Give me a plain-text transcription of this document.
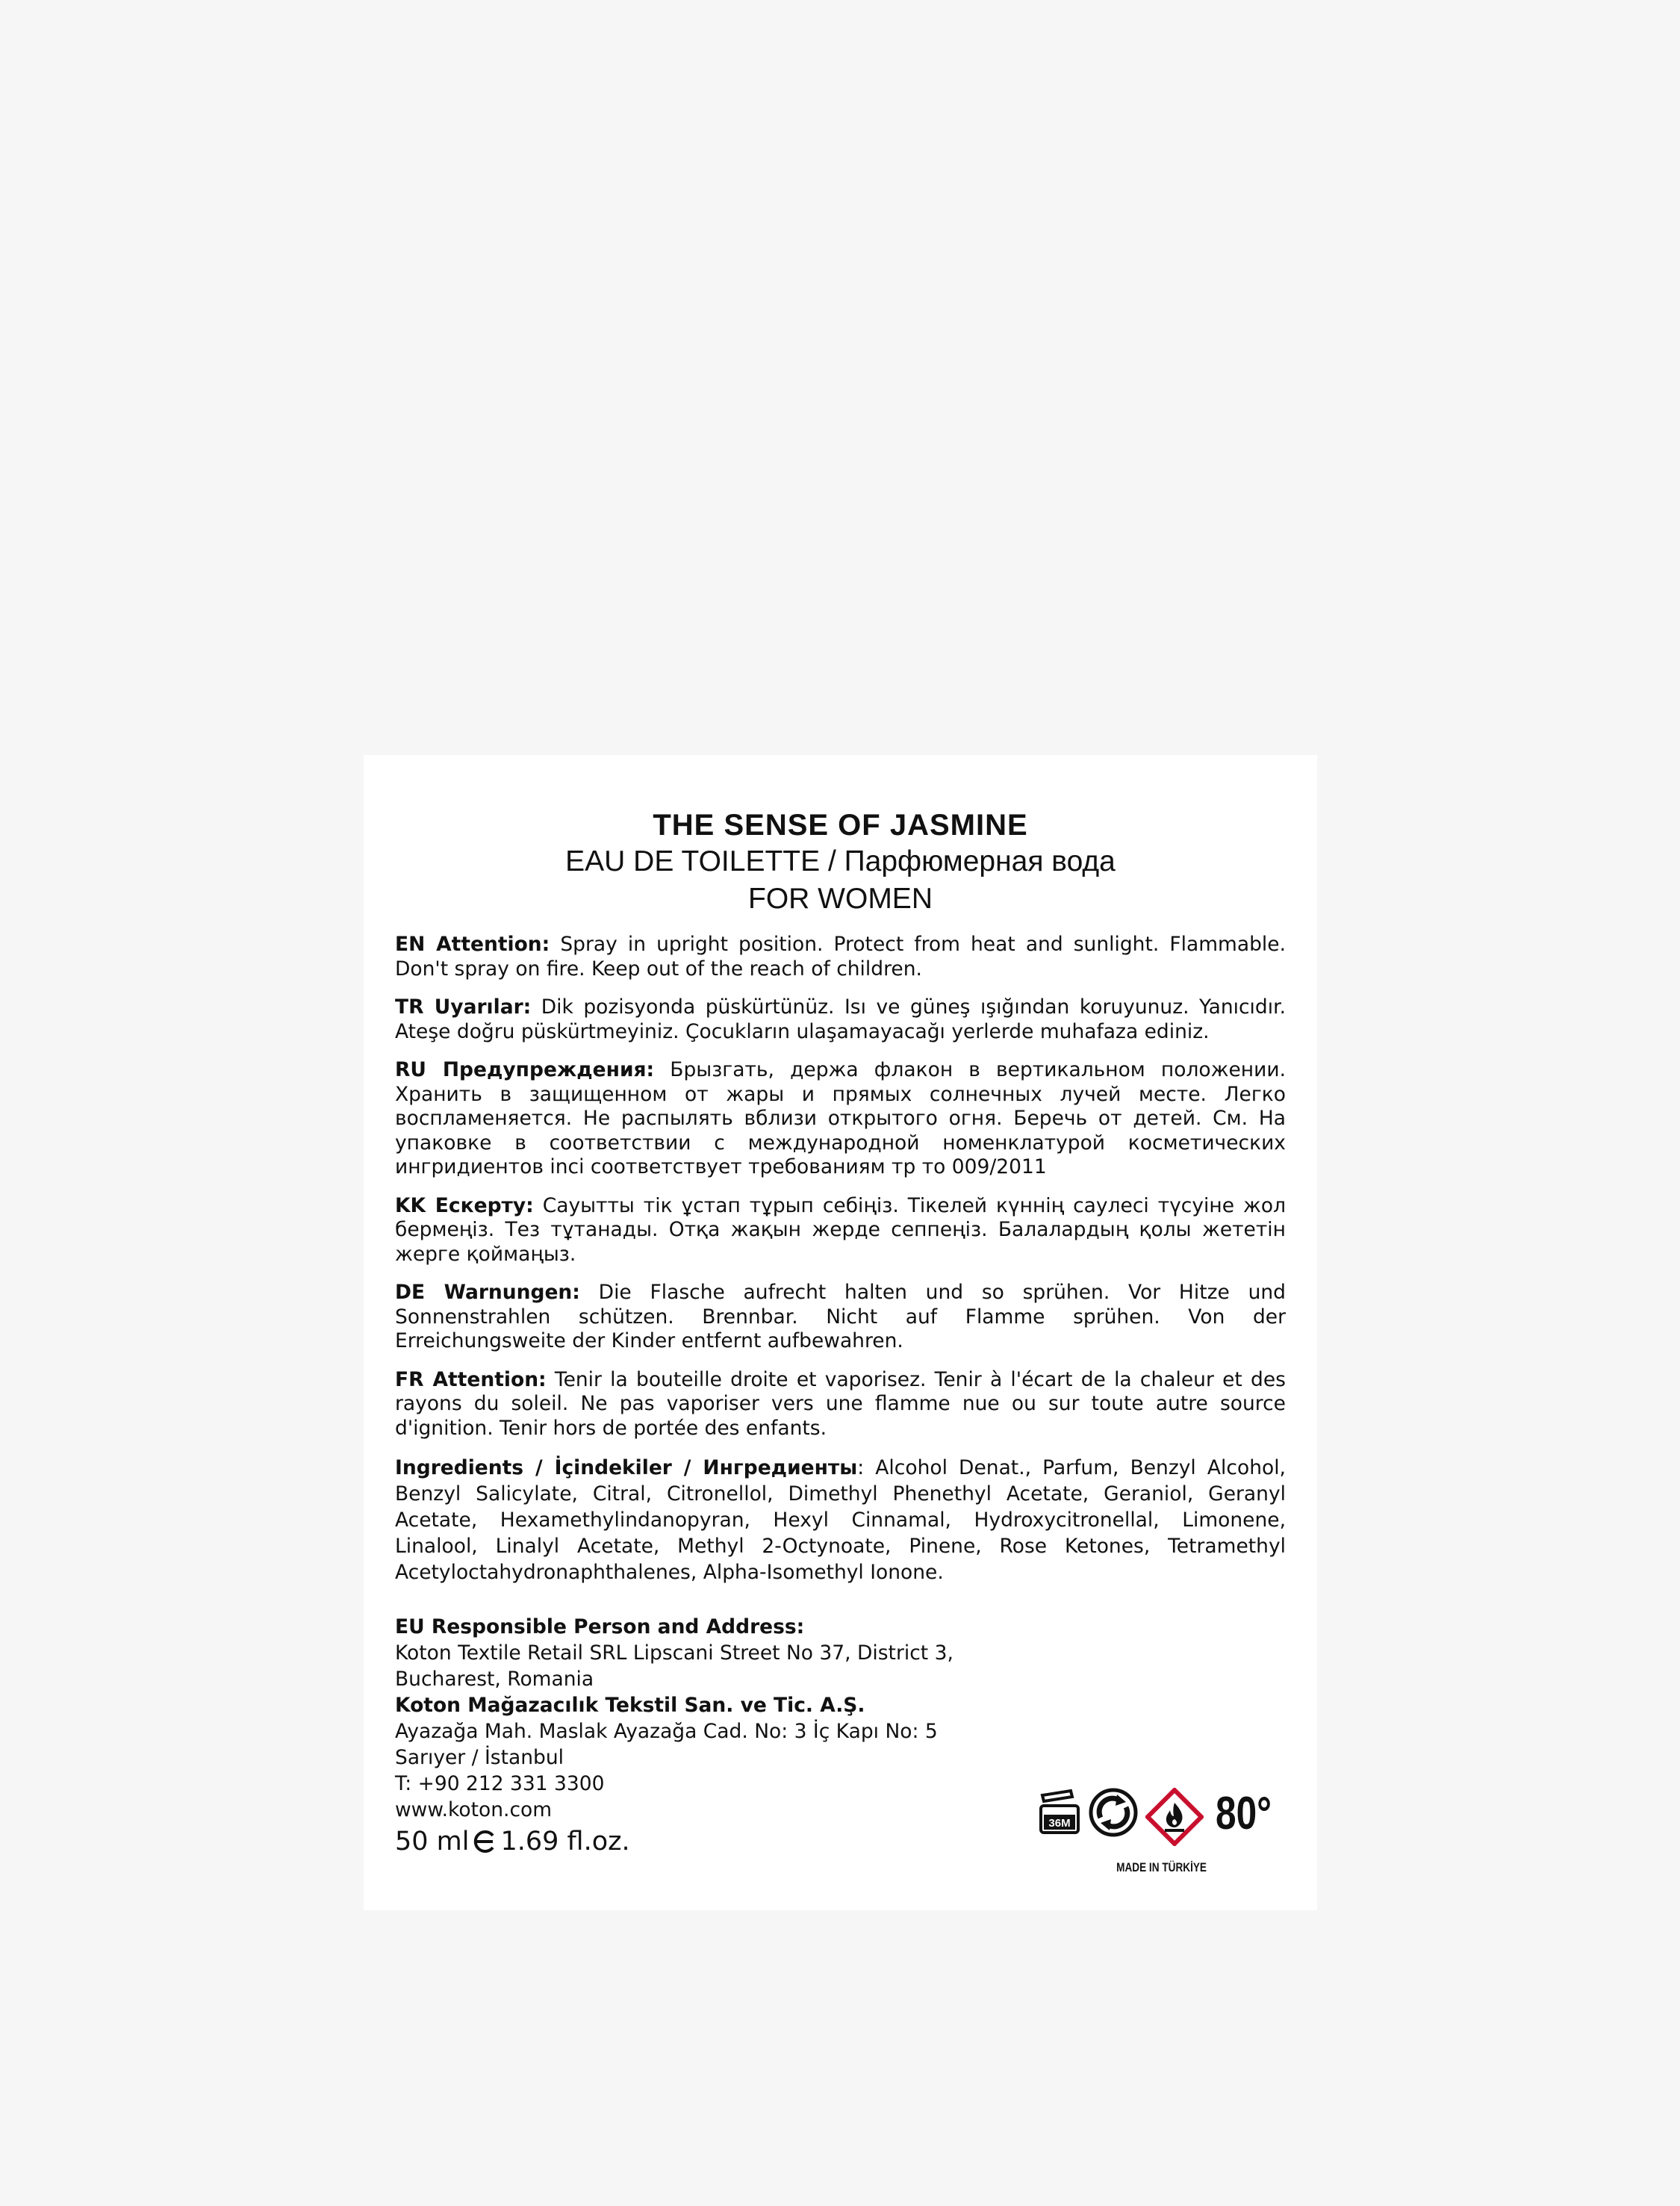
THE SENSE OF JASMINE
EAU DE TOILETTE / Парфюмерная вода
FOR WOMEN

EN Attention: Spray in upright position. Protect from heat and sunlight. Flammable. Don't spray on fire. Keep out of the reach of children.

TR Uyarılar: Dik pozisyonda püskürtünüz. Isı ve güneş ışığından koruyunuz. Yanıcıdır. Ateşe doğru püskürtmeyiniz. Çocukların ulaşamayacağı yerlerde muhafaza ediniz.

RU Предупреждения: Брызгать, держа флакон в вертикальном положении. Хранить в защищенном от жары и прямых солнечных лучей месте. Легко воспламеняется. Не распылять вблизи открытого огня. Беречь от детей. См. На упаковке в соответствии с международной номенклатурой косметических ингридиентов inci соответствует требованиям тр то 009/2011

KK Ескерту: Сауытты тік ұстап тұрып себіңіз. Тікелей күннің саулесі түсуіне жол бермеңіз. Тез тұтанады. Отқа жақын жерде сеппеңіз. Балалардың қолы жететін жерге қоймаңыз.

DE Warnungen: Die Flasche aufrecht halten und so sprühen. Vor Hitze und Sonnenstrahlen schützen. Brennbar. Nicht auf Flamme sprühen. Von der Erreichungsweite der Kinder entfernt aufbewahren.

FR Attention: Tenir la bouteille droite et vaporisez. Tenir à l'écart de la chaleur et des rayons du soleil. Ne pas vaporiser vers une flamme nue ou sur toute autre source d'ignition. Tenir hors de portée des enfants.

Ingredients / İçindekiler / Ингредиенты: Alcohol Denat., Parfum, Benzyl Alcohol, Benzyl Salicylate, Citral, Citronellol, Dimethyl Phenethyl Acetate, Geraniol, Geranyl Acetate, Hexamethylindanopyran, Hexyl Cinnamal, Hydroxycitronellal, Limonene, Linalool, Linalyl Acetate, Methyl 2-Octynoate, Pinene, Rose Ketones, Tetramethyl Acetyloctahydronaphthalenes, Alpha-Isomethyl Ionone.

EU Responsible Person and Address:
Koton Textile Retail SRL Lipscani Street No 37, District 3,
Bucharest, Romania
Koton Mağazacılık Tekstil San. ve Tic. A.Ş.
Ayazağa Mah. Maslak Ayazağa Cad. No: 3 İç Kapı No: 5
Sarıyer / İstanbul
T: +90 212 331 3300
www.koton.com
50 ml 1.69 fl.oz.
36M	80°
MADE IN TÜRKİYE
